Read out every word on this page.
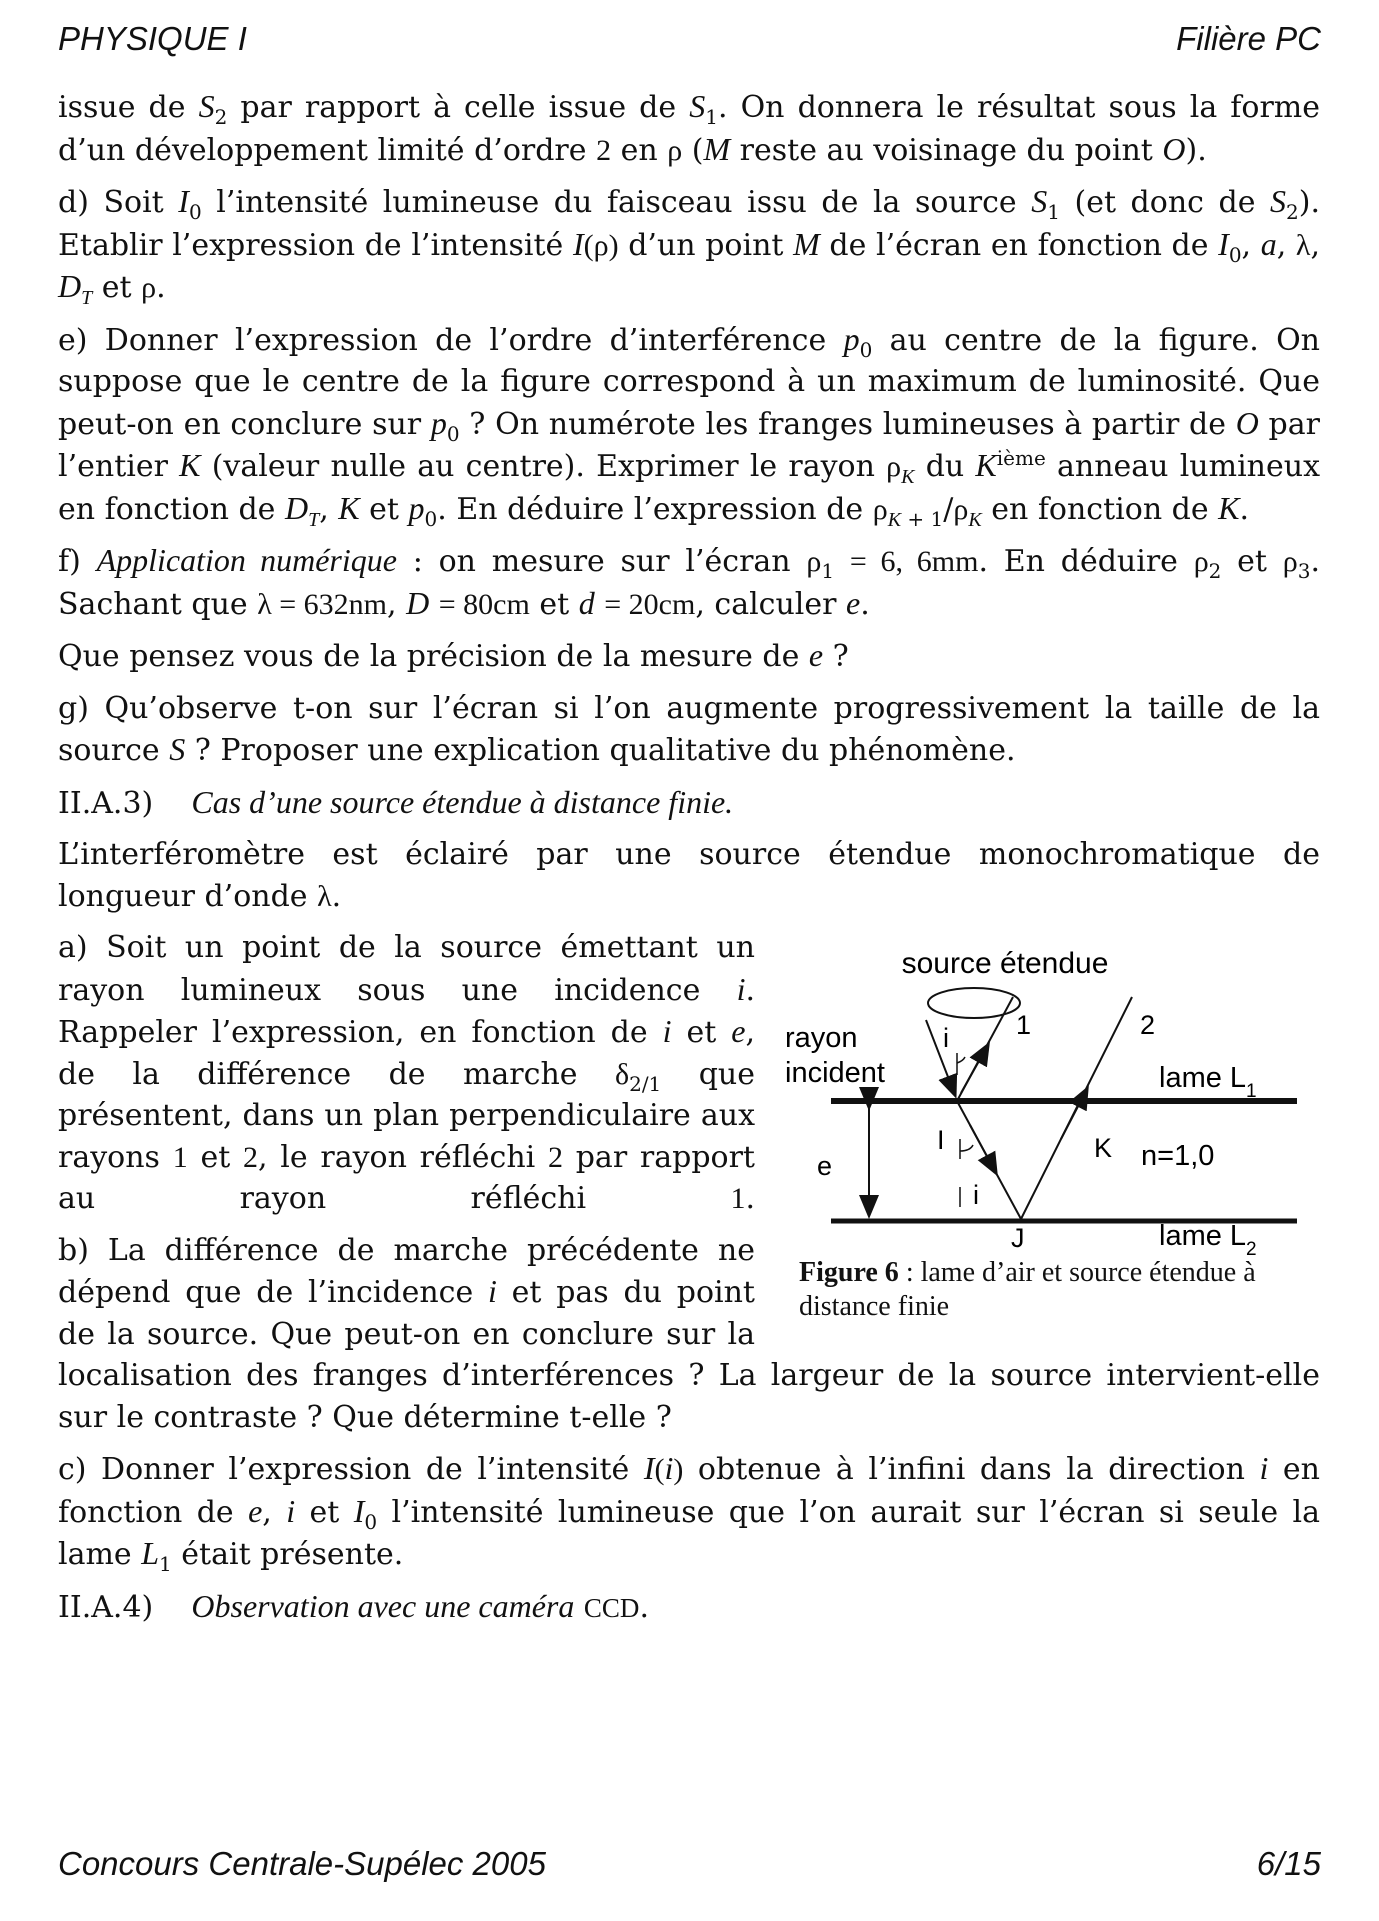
PHYSIQUE I	Filière PC

issue de $S_2$ par rapport à celle issue de $S_1$. On donnera le résultat sous la forme d’un développement limité d’ordre 2 en ρ (M reste au voisinage du point O).

d) Soit $I_0$ l’intensité lumineuse du faisceau issu de la source $S_1$ (et donc de $S_2$). Etablir l’expression de l’intensité I(ρ) d’un point M de l’écran en fonction de $I_0$, a, λ, $D_T$ et ρ.

e) Donner l’expression de l’ordre d’interférence $p_0$ au centre de la figure. On suppose que le centre de la figure correspond à un maximum de luminosité. Que peut-on en conclure sur $p_0$ ? On numérote les franges lumineuses à partir de O par l’entier K (valeur nulle au centre). Exprimer le rayon $\rho_K$ du $K^{ième}$ anneau lumineux en fonction de $D_T$, K et $p_0$. En déduire l’expression de $\rho_{K + 1}/\rho_K$ en fonction de K.

f) Application numérique : on mesure sur l’écran $\rho_1 = 6$, 6mm. En déduire $\rho_2$ et $\rho_3$. Sachant que λ = 632nm, D = 80cm et d = 20cm, calculer e.

Que pensez vous de la précision de la mesure de e ?

g) Qu’observe t-on sur l’écran si l’on augmente progressivement la taille de la source S ? Proposer une explication qualitative du phénomène.

II.A.3)    Cas d’une source étendue à distance finie.

L’interféromètre est éclairé par une source étendue monochromatique de longueur d’onde λ.

source étendue
rayon
incident
i
i
1	2
I
J
K
e
lame $L_1$
lame $L_2$
n=1,0
Figure 6 : lame d’air et source étendue à distance finie
a) Soit un point de la source émettant un rayon lumineux sous une incidence i. Rappeler l’expression, en fonction de i et e, de la différence de marche $\delta_{2/1}$ que présentent, dans un plan perpendiculaire aux rayons 1 et 2, le rayon réfléchi 2 par rapport au rayon réfléchi 1.

b) La différence de marche précédente ne dépend que de l’incidence i et pas du point de la source. Que peut-on en conclure sur la localisation des franges d’interférences ? La largeur de la source intervient-elle sur le contraste ? Que détermine t-elle ?

c) Donner l’expression de l’intensité I(i) obtenue à l’infini dans la direction i en fonction de e, i et $I_0$ l’intensité lumineuse que l’on aurait sur l’écran si seule la lame $L_1$ était présente.

II.A.4)    Observation avec une caméra CCD.

Concours Centrale-Supélec 2005	6/15
